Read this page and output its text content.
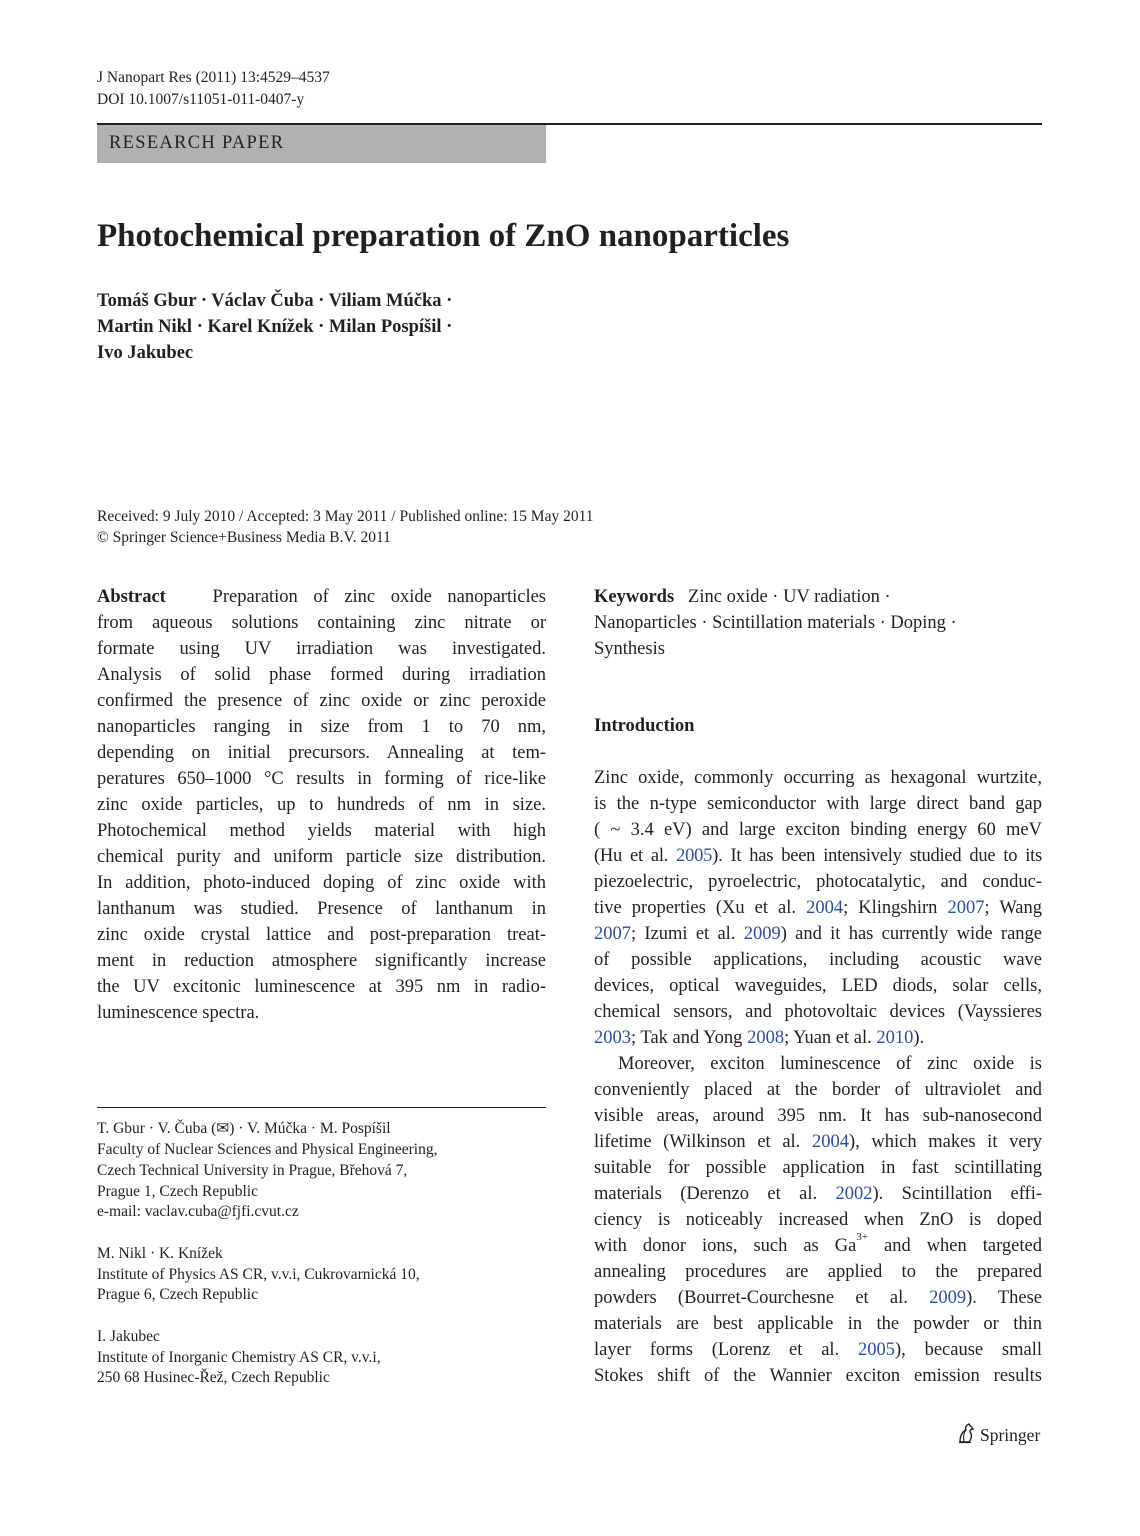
J Nanopart Res (2011) 13:4529–4537
DOI 10.1007/s11051-011-0407-y
RESEARCH PAPER
Photochemical preparation of ZnO nanoparticles
Tomáš Gbur · Václav Čuba · Viliam Múčka ·
Martin Nikl · Karel Knížek · Milan Pospíšil ·
Ivo Jakubec
Received: 9 July 2010 / Accepted: 3 May 2011 / Published online: 15 May 2011
© Springer Science+Business Media B.V. 2011
Abstract	Preparation of zinc oxide nanoparticles
from aqueous solutions containing zinc nitrate or
formate using UV irradiation was investigated.
Analysis of solid phase formed during irradiation
confirmed the presence of zinc oxide or zinc peroxide
nanoparticles ranging in size from 1 to 70 nm,
depending on initial precursors. Annealing at tem-
peratures 650–1000 °C results in forming of rice-like
zinc oxide particles, up to hundreds of nm in size.
Photochemical method yields material with high
chemical purity and uniform particle size distribution.
In addition, photo-induced doping of zinc oxide with
lanthanum was studied. Presence of lanthanum in
zinc oxide crystal lattice and post-preparation treat-
ment in reduction atmosphere significantly increase
the UV excitonic luminescence at 395 nm in radio-
luminescence spectra.
T. Gbur · V. Čuba (✉) · V. Múčka · M. Pospíšil
Faculty of Nuclear Sciences and Physical Engineering,
Czech Technical University in Prague, Břehová 7,
Prague 1, Czech Republic
e-mail: vaclav.cuba@fjfi.cvut.cz
M. Nikl · K. Knížek
Institute of Physics AS CR, v.v.i, Cukrovarnická 10,
Prague 6, Czech Republic
I. Jakubec
Institute of Inorganic Chemistry AS CR, v.v.i,
250 68 Husinec-Řež, Czech Republic
Keywords Zinc oxide · UV radiation ·
Nanoparticles · Scintillation materials · Doping ·
Synthesis
Introduction
Zinc oxide, commonly occurring as hexagonal wurtzite,
is the n-type semiconductor with large direct band gap
( ~ 3.4 eV) and large exciton binding energy 60 meV
(Hu et al. 2005). It has been intensively studied due to its
piezoelectric, pyroelectric, photocatalytic, and conduc-
tive properties (Xu et al. 2004; Klingshirn 2007; Wang
2007; Izumi et al. 2009) and it has currently wide range
of possible applications, including acoustic wave
devices, optical waveguides, LED diods, solar cells,
chemical sensors, and photovoltaic devices (Vayssieres
2003; Tak and Yong 2008; Yuan et al. 2010).
Moreover, exciton luminescence of zinc oxide is
conveniently placed at the border of ultraviolet and
visible areas, around 395 nm. It has sub-nanosecond
lifetime (Wilkinson et al. 2004), which makes it very
suitable for possible application in fast scintillating
materials (Derenzo et al. 2002). Scintillation effi-
ciency is noticeably increased when ZnO is doped
with donor ions, such as $Ga^{3+}$ and when targeted
annealing procedures are applied to the prepared
powders (Bourret-Courchesne et al. 2009). These
materials are best applicable in the powder or thin
layer forms (Lorenz et al. 2005), because small
Stokes shift of the Wannier exciton emission results
Springer
